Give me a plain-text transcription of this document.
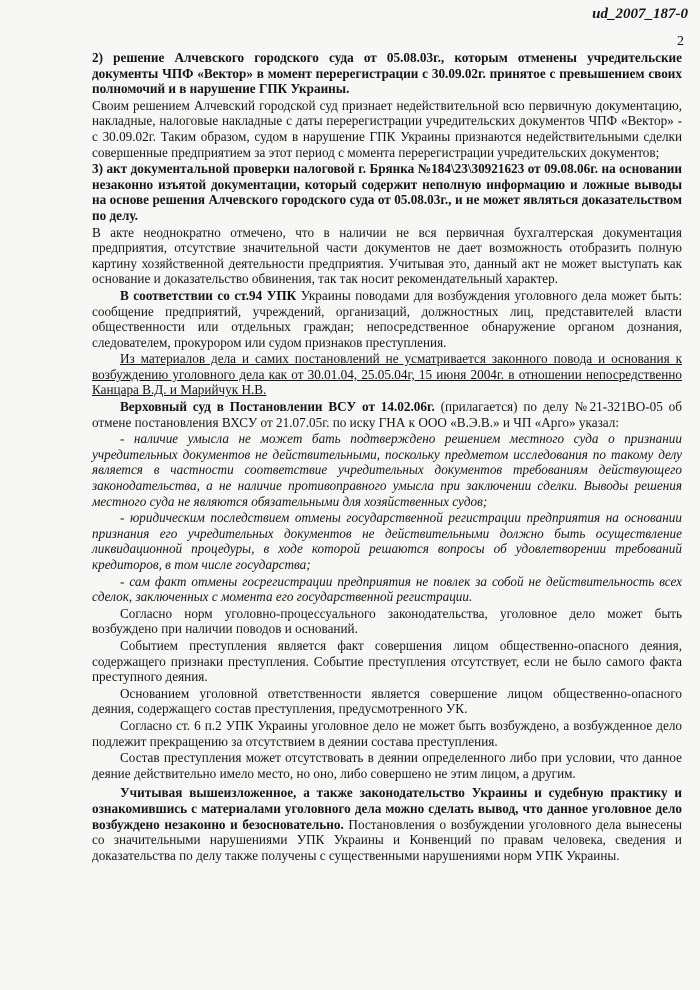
ud_2007_187-0
2

2) решение Алчевского городского суда от 05.08.03г., которым отменены учредительские документы ЧПФ «Вектор» в момент перерегистрации с 30.09.02г. принятое с превышением своих полномочий и в нарушение ГПК Украины.

Своим решением Алчевский городской суд признает недействительной всю первичную документацию, накладные, налоговые накладные с даты перерегистрации учредительских документов ЧПФ «Вектор» - с 30.09.02г. Таким образом, судом в нарушение ГПК Украины признаются недействительными сделки совершенные предприятием за этот период с момента перерегистрации учредительских документов;

3) акт документальной проверки налоговой г. Брянка №184\23\30921623 от 09.08.06г. на основании незаконно изъятой документации, который содержит неполную информацию и ложные выводы на основе решения Алчевского городского суда от 05.08.03г., и не может являться доказательством по делу.

В акте неоднократно отмечено, что в наличии не вся первичная бухгалтерская документация предприятия, отсутствие значительной части документов не дает возможность отобразить полную картину хозяйственной деятельности предприятия. Учитывая это, данный акт не может выступать как основание и доказательство обвинения, так так носит рекомендательный характер.

В соответствии со ст.94 УПК Украины поводами для возбуждения уголовного дела может быть: сообщение предприятий, учреждений, организаций, должностных лиц, представителей власти общественности или отдельных граждан; непосредственное обнаружение органом дознания, следователем, прокурором или судом признаков преступления.

Из материалов дела и самих постановлений не усматривается законного повода и основания к возбуждению уголовного дела как от 30.01.04, 25.05.04г, 15 июня 2004г. в отношении непосредственно Канцара В.Д. и Марийчук Н.В.

Верховный суд в Постановлении ВСУ от 14.02.06г. (прилагается) по делу №21-321ВО-05 об отмене постановления ВХСУ от 21.07.05г. по иску ГНА к ООО «В.Э.В.» и ЧП «Арго» указал:

- наличие умысла не может бать подтверждено решением местного суда о признании учредительных документов не действительными, поскольку предметом исследования по такому делу является в частности соответствие учредительных документов требованиям действующего законодательства, а не наличие противоправного умысла при заключении сделки. Выводы решения местного суда не являются обязательными для хозяйственных судов;

- юридическим последствием отмены государственной регистрации предприятия на основании признания его учредительных документов не действительными должно быть осуществление ликвидационной процедуры, в ходе которой решаются вопросы об удовлетворении требований кредиторов, в том числе государства;

- сам факт отмены госрегистрации предприятия не повлек за собой не действительность всех сделок, заключенных с момента его государственной регистрации.

Согласно норм уголовно-процессуального законодательства, уголовное дело может быть возбуждено при наличии поводов и оснований.

Событием преступления является факт совершения лицом общественно-опасного деяния, содержащего признаки преступления. Событие преступления отсутствует, если не было самого факта преступного деяния.

Основанием уголовной ответственности является совершение лицом общественно-опасного деяния, содержащего состав преступления, предусмотренного УК.

Согласно ст. 6 п.2 УПК Украины уголовное дело не может быть возбуждено, а возбужденное дело подлежит прекращению за отсутствием в деянии состава преступления.

Состав преступления может отсутствовать в деянии определенного либо при условии, что данное деяние действительно имело место, но оно, либо совершено не этим лицом, а другим.

Учитывая вышеизложенное, а также законодательство Украины и судебную практику и ознакомившись с материалами уголовного дела можно сделать вывод, что данное уголовное дело возбуждено незаконно и безосновательно. Постановления о возбуждении уголовного дела вынесены со значительными нарушениями УПК Украины и Конвенций по правам человека, сведения и доказательства по делу также получены с существенными нарушениями норм УПК Украины.
